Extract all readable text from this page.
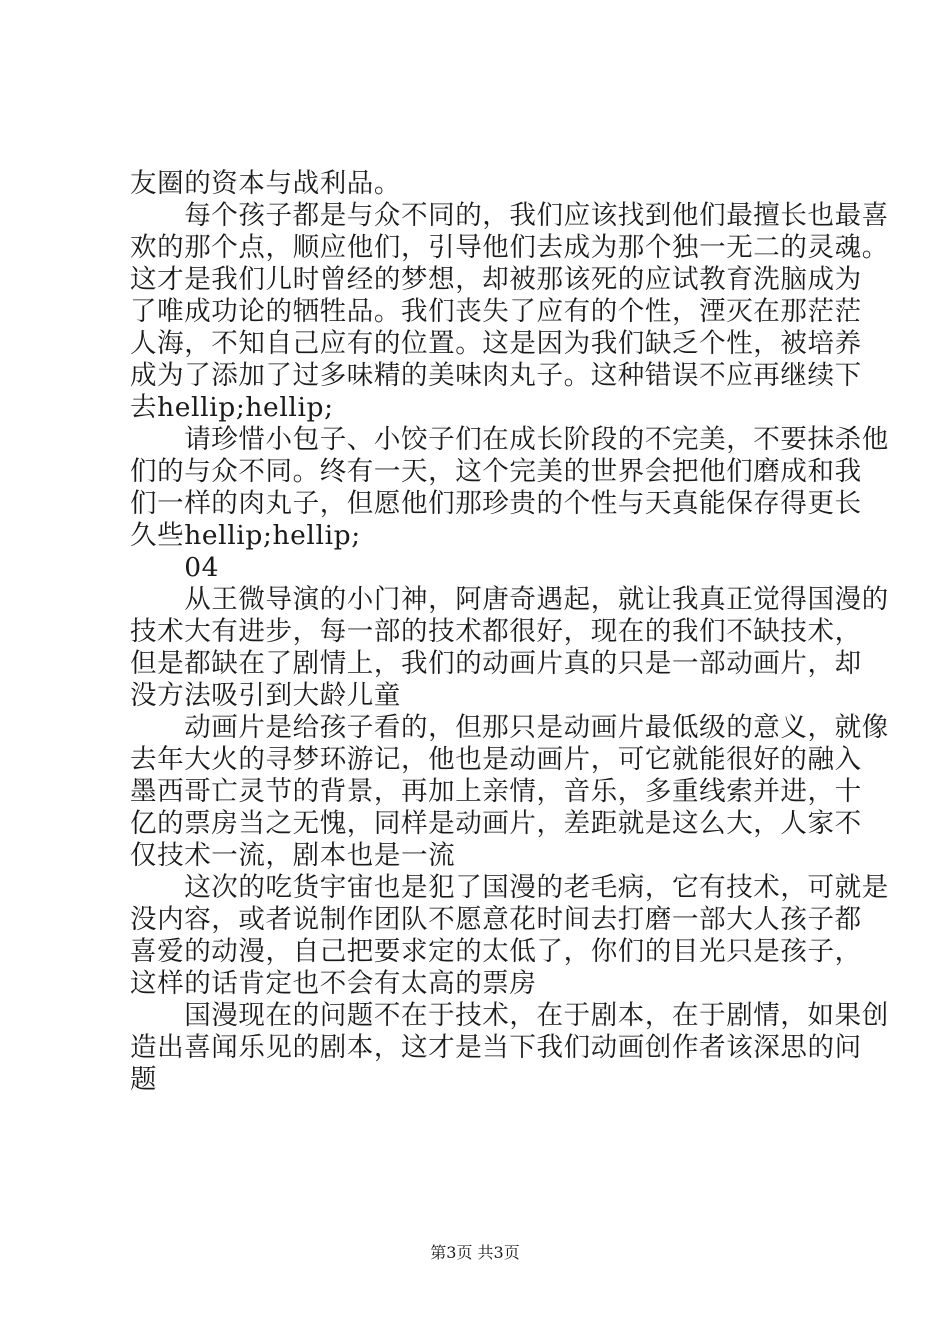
友圈的资本与战利品。
　　每个孩子都是与众不同的，我们应该找到他们最擅长也最喜
欢的那个点，顺应他们，引导他们去成为那个独一无二的灵魂。
这才是我们儿时曾经的梦想，却被那该死的应试教育洗脑成为
了唯成功论的牺牲品。我们丧失了应有的个性，湮灭在那茫茫
人海，不知自己应有的位置。这是因为我们缺乏个性，被培养
成为了添加了过多味精的美味肉丸子。这种错误不应再继续下
去hellip;hellip;
　　请珍惜小包子、小饺子们在成长阶段的不完美，不要抹杀他
们的与众不同。终有一天，这个完美的世界会把他们磨成和我
们一样的肉丸子，但愿他们那珍贵的个性与天真能保存得更长
久些hellip;hellip;
　　04
　　从王微导演的小门神，阿唐奇遇起，就让我真正觉得国漫的
技术大有进步，每一部的技术都很好，现在的我们不缺技术，
但是都缺在了剧情上，我们的动画片真的只是一部动画片，却
没方法吸引到大龄儿童
　　动画片是给孩子看的，但那只是动画片最低级的意义，就像
去年大火的寻梦环游记，他也是动画片，可它就能很好的融入
墨西哥亡灵节的背景，再加上亲情，音乐，多重线索并进，十
亿的票房当之无愧，同样是动画片，差距就是这么大，人家不
仅技术一流，剧本也是一流
　　这次的吃货宇宙也是犯了国漫的老毛病，它有技术，可就是
没内容，或者说制作团队不愿意花时间去打磨一部大人孩子都
喜爱的动漫，自己把要求定的太低了，你们的目光只是孩子，
这样的话肯定也不会有太高的票房
　　国漫现在的问题不在于技术，在于剧本，在于剧情，如果创
造出喜闻乐见的剧本，这才是当下我们动画创作者该深思的问
题
第3页 共3页
